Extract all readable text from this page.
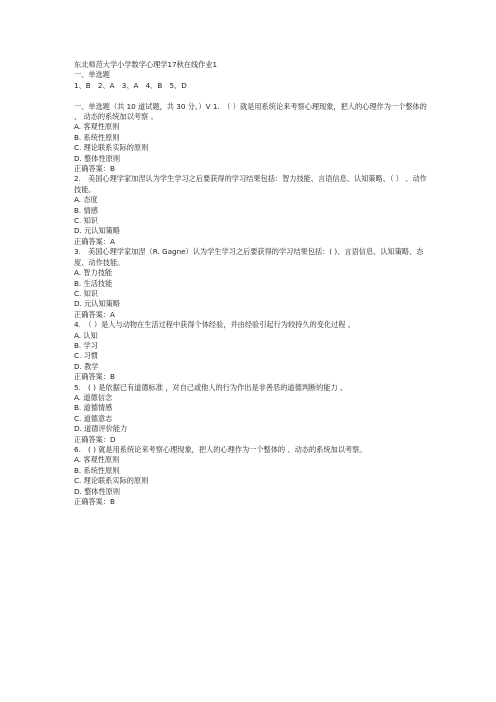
东北师范大学小学数学心理学17秋在线作业1
一、单选题
1、B　2、A　3、A　4、B　5、D
一、单选题（共 10 道试题，共 30 分。）V 1.　（ ）就是用系统论来考察心理现象，把人的心理作为一个整体的 、 动态的系统加以考察 。
A. 客观性原则
B. 系统性原则
C. 理论联系实际的原则
D. 整体性原则
正确答案：B
2.　美国心理学家加涅认为学生学习之后要获得的学习结果包括：智力技能、言语信息、认知策略、（ ） 、动作技能。
A. 态度
B. 情感
C. 知识
D. 元认知策略
正确答案：A
3.　美国心理学家加涅（R. Gagne）认为学生学习之后要获得的学习结果包括：( )、言语信息、认知策略、态度、动作技能。
A. 智力技能
B. 生活技能
C. 知识
D. 元认知策略
正确答案：A
4.　（ ）是人与动物在生活过程中获得个体经验，并由经验引起行为较持久的变化过程 。
A. 认知
B. 学习
C. 习惯
D. 教学
正确答案：B
5.　( ) 是依据已有道德标准 ，对自己或他人的行为作出是非善恶的道德判断的能力 。
A. 道德信念
B. 道德情感
C. 道德意志
D. 道德评价能力
正确答案：D
6.　( ) 就是用系统论来考察心理现象，把人的心理作为一个整体的 、动态的系统加以考察。
A. 客观性原则
B. 系统性原则
C. 理论联系实际的原则
D. 整体性原则
正确答案：B
